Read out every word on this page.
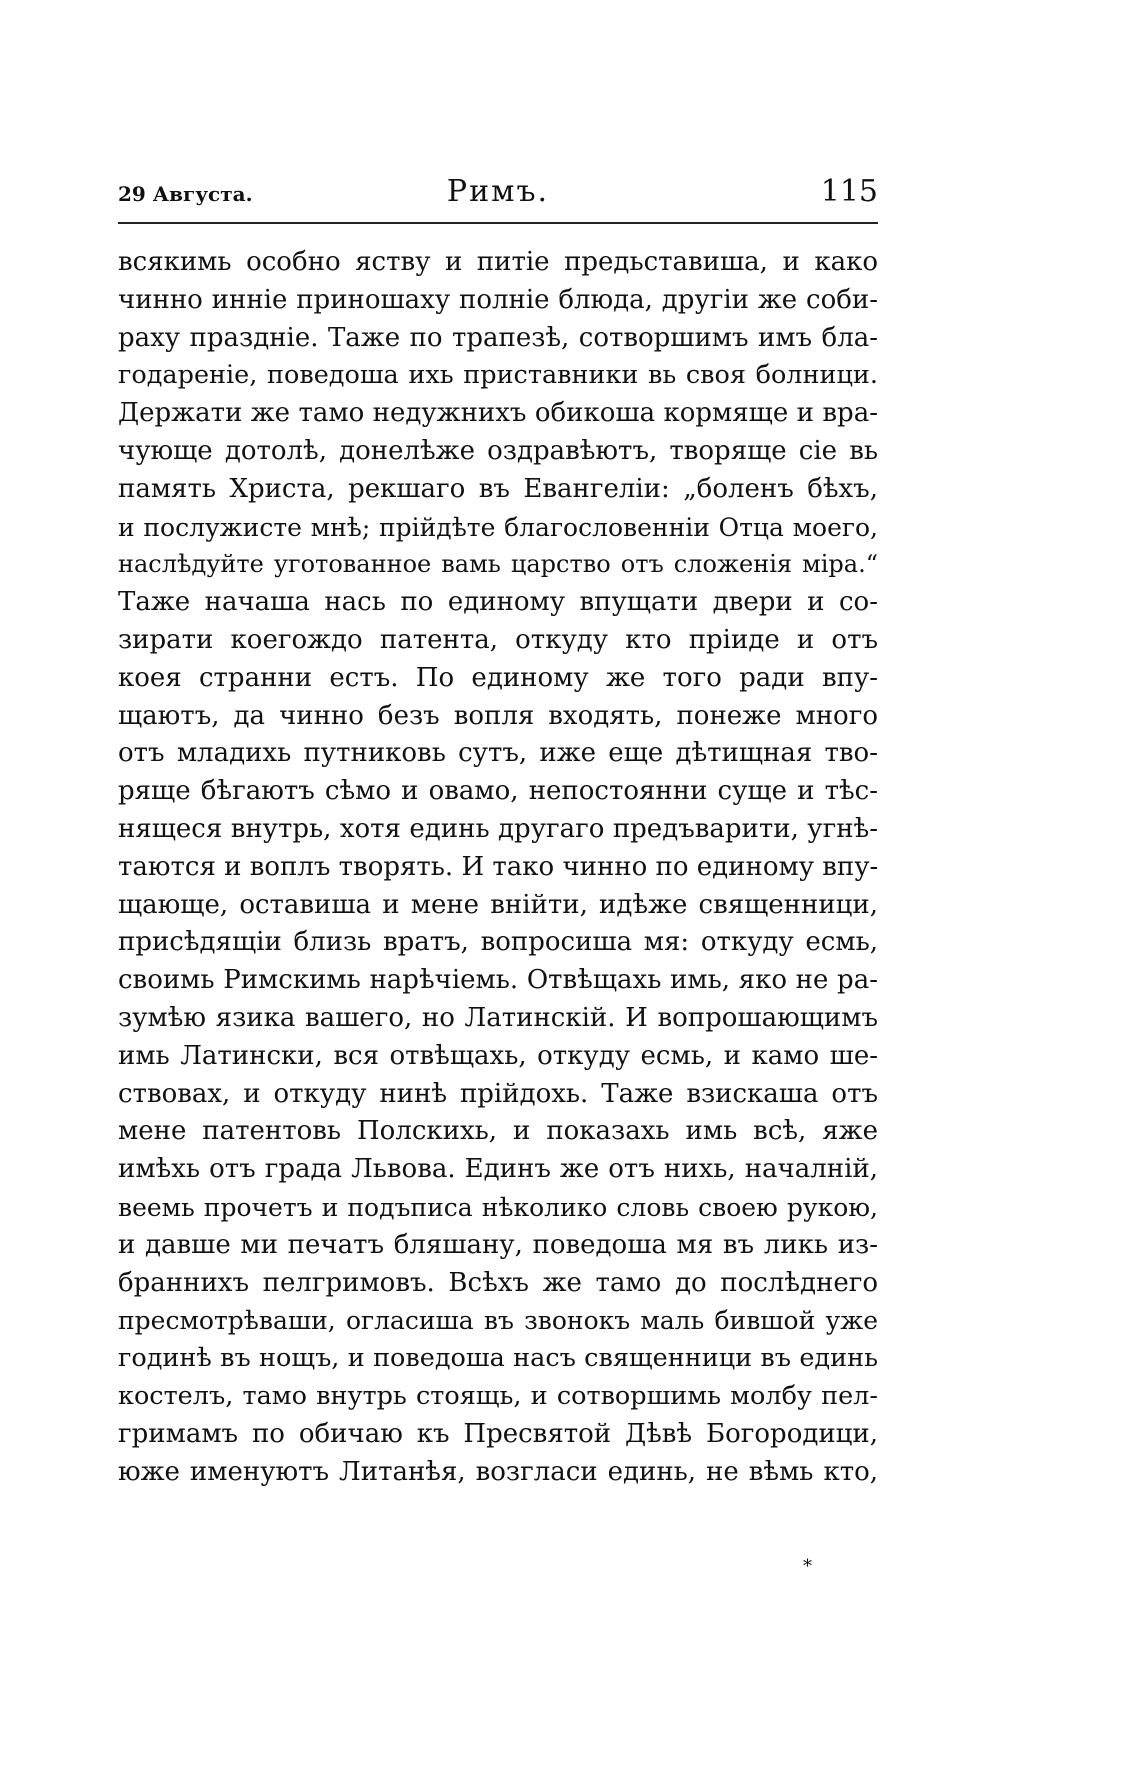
29 Августа.	Римъ.	115
всякимь особно яству и питіе предьставиша, и како
чинно инніе приношаху полніе блюда, другіи же соби-
раху праздніе. Таже по трапезѣ, сотворшимъ имъ бла-
годареніе, поведоша ихь приставники вь своя болници.
Держати же тамо недужнихъ обикоша кормяще и вра-
чующе дотолѣ, донелѣже оздравѣютъ, творяще сіе вь
память Христа, рекшаго въ Евангеліи: „боленъ бѣхъ,
и послужисте мнѣ; прійдѣте благословенніи Отца моего,
наслѣдуйте уготованное вамь царство отъ сложенія міра.“
Таже начаша нась по единому впущати двери и со-
зирати коегождо патента, откуду кто пріиде и отъ
коея странни естъ. По единому же того ради впу-
щаютъ, да чинно безъ вопля входять, понеже много
отъ младихь путниковь сутъ, иже еще дѣтищная тво-
ряще бѣгаютъ сѣмо и овамо, непостоянни суще и тѣс-
нящеся внутрь, хотя единь другаго предъварити, угнѣ-
таются и воплъ творять. И тако чинно по единому впу-
щающе, оставиша и мене внійти, идѣже священници,
присѣдящіи близь вратъ, вопросиша мя: откуду есмь,
своимь Римскимь нарѣчіемь. Отвѣщахь имь, яко не ра-
зумѣю язика вашего, но Латинскій. И вопрошающимъ
имь Латински, вся отвѣщахь, откуду есмь, и камо ше-
ствовах, и откуду нинѣ прійдохь. Таже взискаша отъ
мене патентовь Полскихь, и показахь имь всѣ, яже
имѣхь отъ града Львова. Единъ же отъ нихь, началній,
веемь прочетъ и подъписа нѣколико словь своею рукою,
и давше ми печатъ бляшану, поведоша мя въ ликь из-
браннихъ пелгримовъ. Всѣхъ же тамо до послѣднего
пресмотрѣваши, огласиша въ звонокъ маль бившой уже
годинѣ въ нощъ, и поведоша насъ священници въ единь
костелъ, тамо внутрь стоящь, и сотворшимь молбу пел-
гримамъ по обичаю къ Пресвятой Дѣвѣ Богородици,
юже именуютъ Литанѣя, возгласи единь, не вѣмь кто,
*
